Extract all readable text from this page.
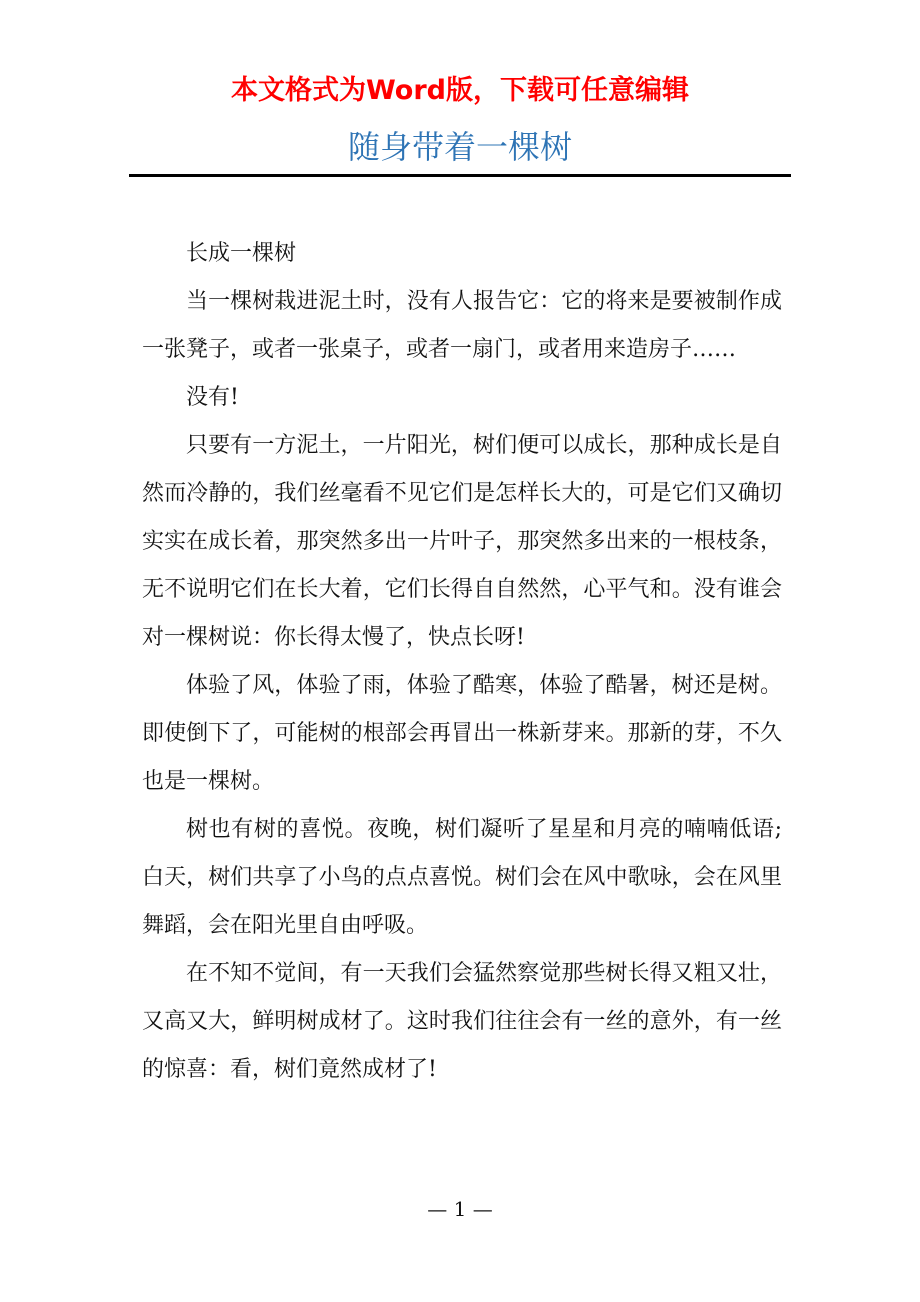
本文格式为Word版，下载可任意编辑
随身带着一棵树

长成一棵树

当一棵树栽进泥土时，没有人报告它：它的将来是要被制作成一张凳子，或者一张桌子，或者一扇门，或者用来造房子……

没有!

只要有一方泥土，一片阳光，树们便可以成长，那种成长是自然而冷静的，我们丝毫看不见它们是怎样长大的，可是它们又确切实实在成长着，那突然多出一片叶子，那突然多出来的一根枝条，无不说明它们在长大着，它们长得自自然然，心平气和。没有谁会对一棵树说：你长得太慢了，快点长呀!

体验了风，体验了雨，体验了酷寒，体验了酷暑，树还是树。即使倒下了，可能树的根部会再冒出一株新芽来。那新的芽，不久也是一棵树。

树也有树的喜悦。夜晚，树们凝听了星星和月亮的喃喃低语;白天，树们共享了小鸟的点点喜悦。树们会在风中歌咏，会在风里舞蹈，会在阳光里自由呼吸。

在不知不觉间，有一天我们会猛然察觉那些树长得又粗又壮，又高又大，鲜明树成材了。这时我们往往会有一丝的意外，有一丝的惊喜：看，树们竟然成材了!

— 1 —
